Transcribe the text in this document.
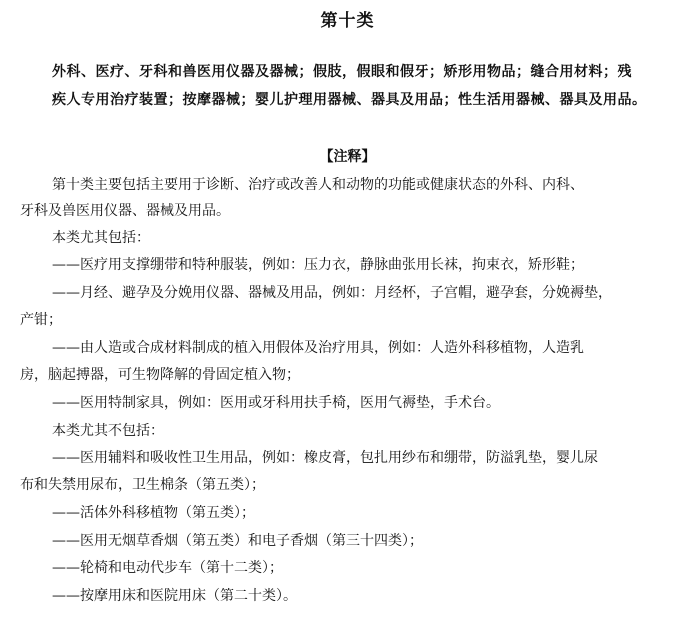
第十类
外科、医疗、牙科和兽医用仪器及器械；假肢，假眼和假牙；矫形用物品；缝合用材料；残
疾人专用治疗装置；按摩器械；婴儿护理用器械、器具及用品；性生活用器械、器具及用品。
【注释】
第十类主要包括主要用于诊断、治疗或改善人和动物的功能或健康状态的外科、内科、
牙科及兽医用仪器、器械及用品。
本类尤其包括：
——医疗用支撑绷带和特种服装，例如：压力衣，静脉曲张用长袜，拘束衣，矫形鞋；
——月经、避孕及分娩用仪器、器械及用品，例如：月经杯，子宫帽，避孕套，分娩褥垫，
产钳；
——由人造或合成材料制成的植入用假体及治疗用具，例如：人造外科移植物，人造乳
房，脑起搏器，可生物降解的骨固定植入物；
——医用特制家具，例如：医用或牙科用扶手椅，医用气褥垫，手术台。
本类尤其不包括：
——医用辅料和吸收性卫生用品，例如：橡皮膏，包扎用纱布和绷带，防溢乳垫，婴儿尿
布和失禁用尿布，卫生棉条（第五类）；
——活体外科移植物（第五类）；
——医用无烟草香烟（第五类）和电子香烟（第三十四类）；
——轮椅和电动代步车（第十二类）；
——按摩用床和医院用床（第二十类）。
